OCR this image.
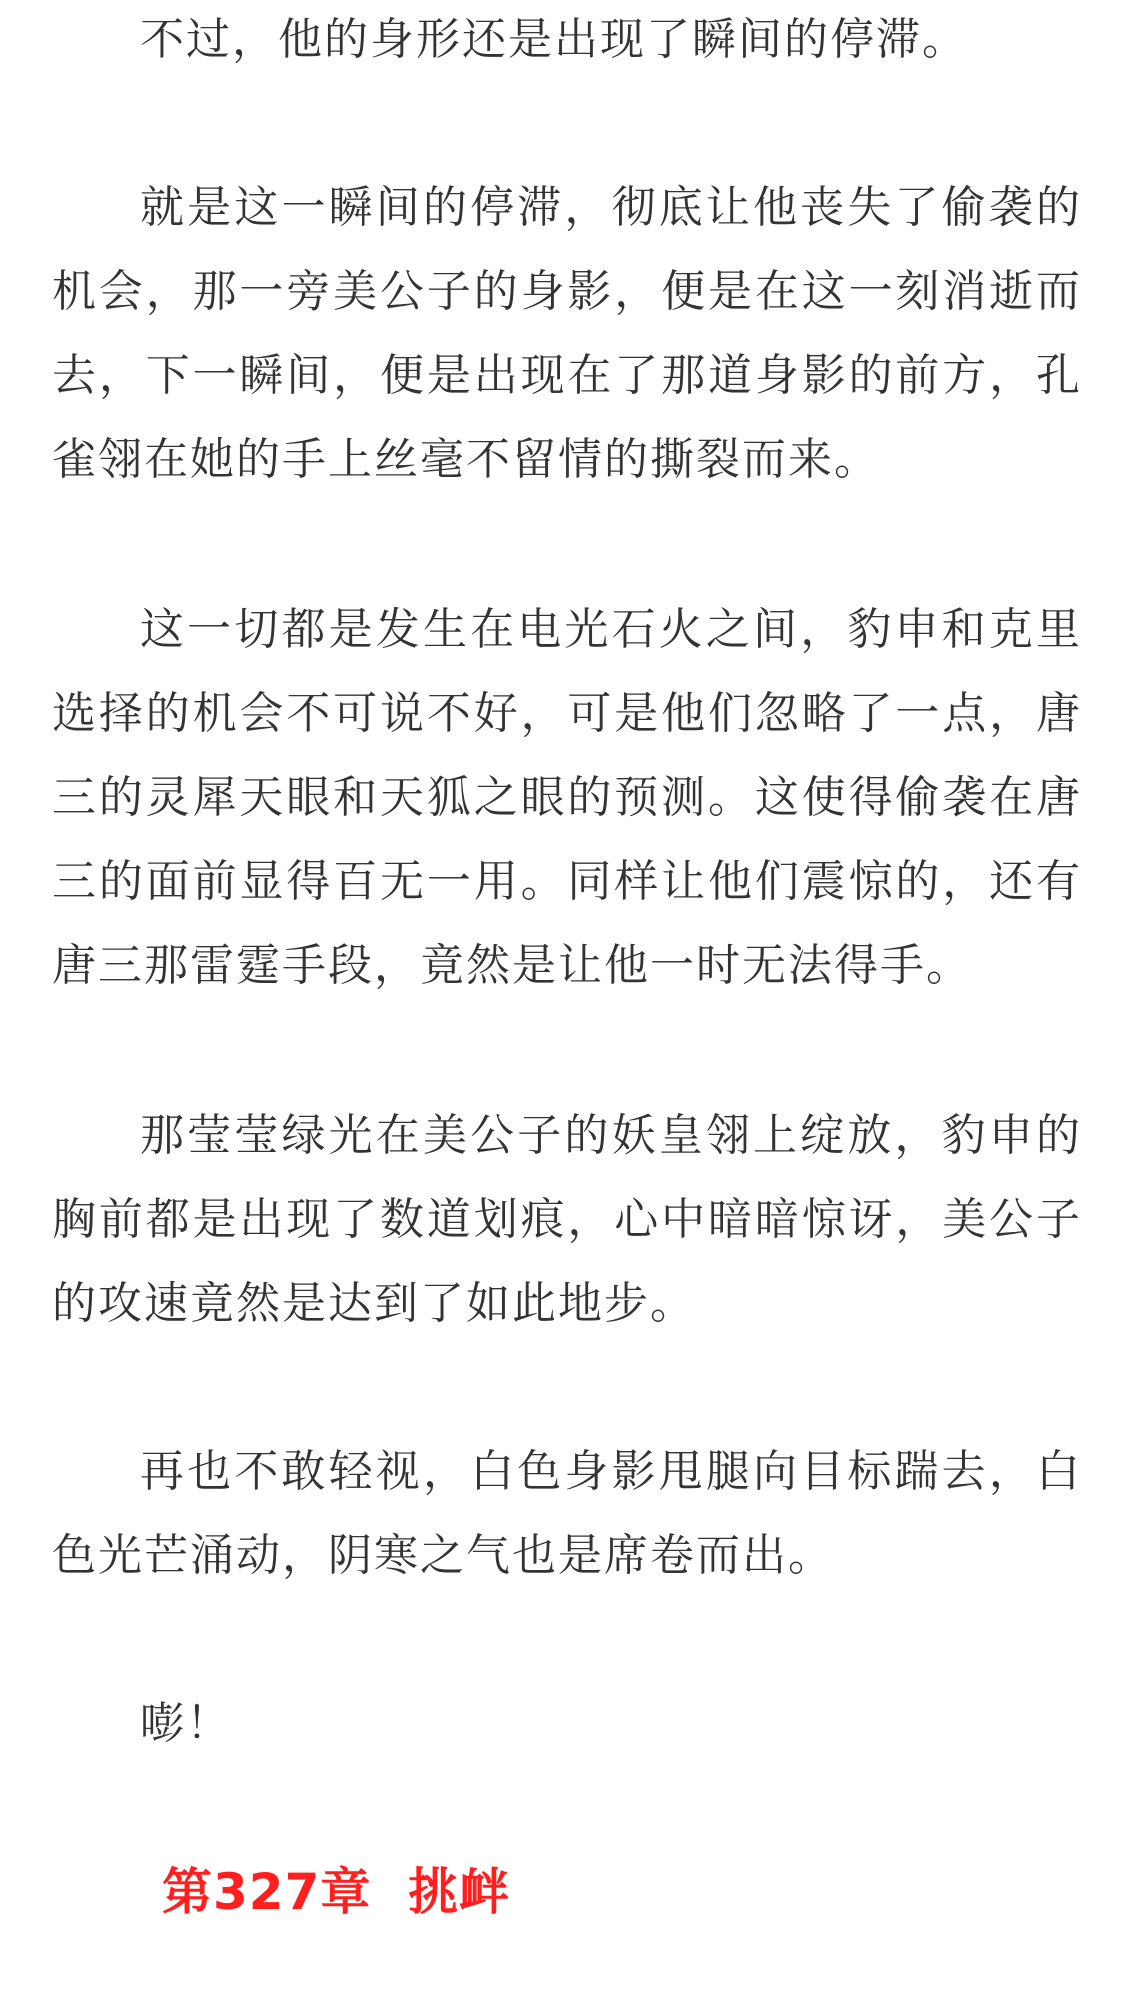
不过，他的身形还是出现了瞬间的停滞。

就是这一瞬间的停滞，彻底让他丧失了偷袭的机会，那一旁美公子的身影，便是在这一刻消逝而去，下一瞬间，便是出现在了那道身影的前方，孔雀翎在她的手上丝毫不留情的撕裂而来。

这一切都是发生在电光石火之间，豹申和克里选择的机会不可说不好，可是他们忽略了一点，唐三的灵犀天眼和天狐之眼的预测。这使得偷袭在唐三的面前显得百无一用。同样让他们震惊的，还有唐三那雷霆手段，竟然是让他一时无法得手。

那莹莹绿光在美公子的妖皇翎上绽放，豹申的胸前都是出现了数道划痕，心中暗暗惊讶，美公子的攻速竟然是达到了如此地步。

再也不敢轻视，白色身影甩腿向目标踹去，白色光芒涌动，阴寒之气也是席卷而出。

嘭！

第327章  挑衅
